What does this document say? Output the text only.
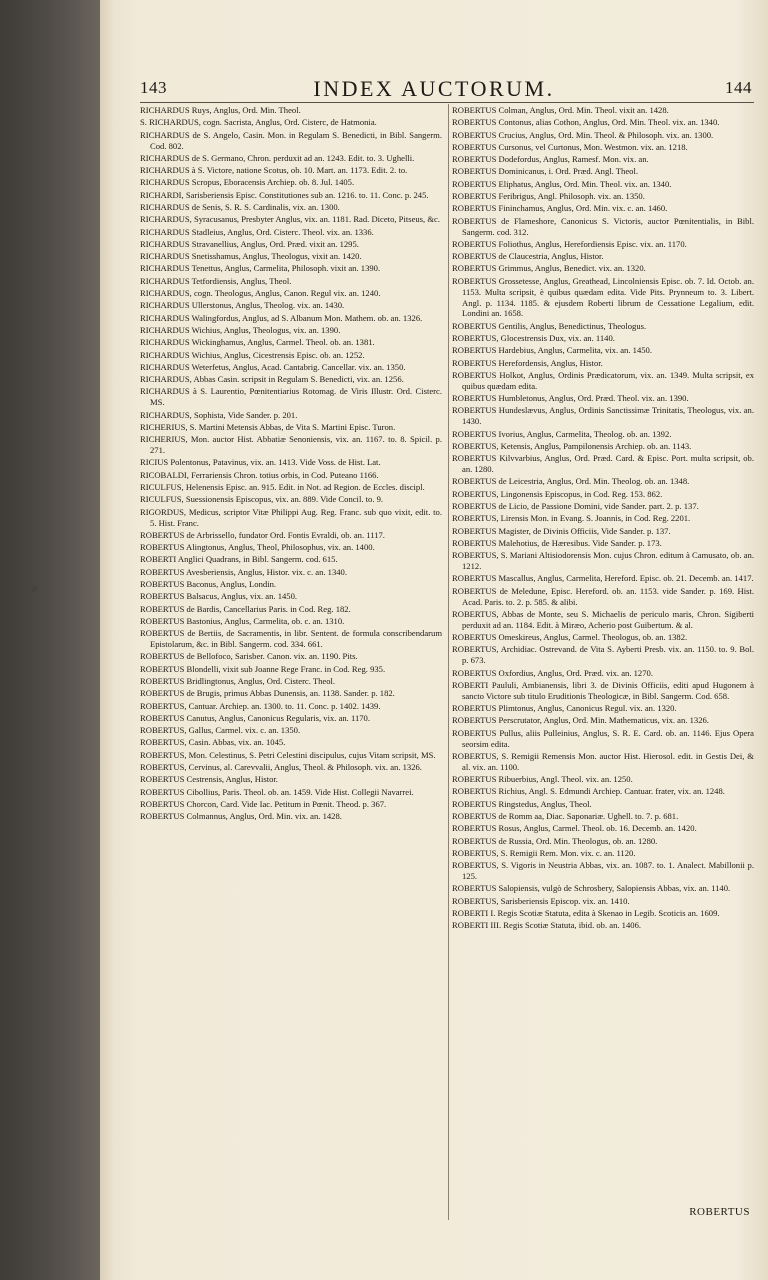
143	INDEX AUCTORUM.	144

RICHARDUS Ruys, Anglus, Ord. Min. Theol.

S. RICHARDUS, cogn. Sacrista, Anglus, Ord. Cisterc, de Hatmonia.

RICHARDUS de S. Angelo, Casin. Mon. in Regulam S. Benedicti, in Bibl. Sangerm. Cod. 802.

RICHARDUS de S. Germano, Chron. perduxit ad an. 1243. Edit. to. 3. Ughelli.

RICHARDUS à S. Victore, natione Scotus, ob. 10. Mart. an. 1173. Edit. 2. to.

RICHARDUS Scropus, Eboracensis Archiep. ob. 8. Jul. 1405.

RICHARDI, Sarisberiensis Episc. Constitutiones sub an. 1216. to. 11. Conc. p. 245.

RICHARDUS de Senis, S. R. S. Cardinalis, vix. an. 1300.

RICHARDUS, Syracusanus, Presbyter Anglus, vix. an. 1181. Rad. Diceto, Pitseus, &c.

RICHARDUS Stadleius, Anglus, Ord. Cisterc. Theol. vix. an. 1336.

RICHARDUS Stravanellius, Anglus, Ord. Præd. vixit an. 1295.

RICHARDUS Snetisshamus, Anglus, Theologus, vixit an. 1420.

RICHARDUS Tenettus, Anglus, Carmelita, Philosoph. vixit an. 1390.

RICHARDUS Tetfordiensis, Anglus, Theol.

RICHARDUS, cogn. Theologus, Anglus, Canon. Regul vix. an. 1240.

RICHARDUS Ullerstonus, Anglus, Theolog. vix. an. 1430.

RICHARDUS Walingfordus, Anglus, ad S. Albanum Mon. Mathem. ob. an. 1326.

RICHARDUS Wichius, Anglus, Theologus, vix. an. 1390.

RICHARDUS Wickinghamus, Anglus, Carmel. Theol. ob. an. 1381.

RICHARDUS Wichius, Anglus, Cicestrensis Episc. ob. an. 1252.

RICHARDUS Weterfetus, Anglus, Acad. Cantabrig. Cancellar. vix. an. 1350.

RICHARDUS, Abbas Casin. scripsit in Regulam S. Benedicti, vix. an. 1256.

RICHARDUS à S. Laurentio, Pœnitentiarius Rotomag. de Viris Illustr. Ord. Cisterc. MS.

RICHARDUS, Sophista, Vide Sander. p. 201.

RICHERIUS, S. Martini Metensis Abbas, de Vita S. Martini Episc. Turon.

RICHERIUS, Mon. auctor Hist. Abbatiæ Senoniensis, vix. an. 1167. to. 8. Spicil. p. 271.

RICIUS Polentonus, Patavinus, vix. an. 1413. Vide Voss. de Hist. Lat.

RICOBALDI, Ferrariensis Chron. totius orbis, in Cod. Puteano 1166.

RICULFUS, Helenensis Episc. an. 915. Edit. in Not. ad Region. de Eccles. discipl.

RICULFUS, Suessionensis Episcopus, vix. an. 889. Vide Concil. to. 9.

RIGORDUS, Medicus, scriptor Vitæ Philippi Aug. Reg. Franc. sub quo vixit, edit. to. 5. Hist. Franc.

ROBERTUS de Arbrissello, fundator Ord. Fontis Evraldi, ob. an. 1117.

ROBERTUS Alingtonus, Anglus, Theol, Philosophus, vix. an. 1400.

ROBERTI Anglici Quadrans, in Bibl. Sangerm. cod. 615.

ROBERTUS Avesberiensis, Anglus, Histor. vix. c. an. 1340.

ROBERTUS Baconus, Anglus, Londin.

ROBERTUS Balsacus, Anglus, vix. an. 1450.

ROBERTUS de Bardis, Cancellarius Paris. in Cod. Reg. 182.

ROBERTUS Bastonius, Anglus, Carmelita, ob. c. an. 1310.

ROBERTUS de Bertiis, de Sacramentis, in libr. Sentent. de formula conscribendarum Epistolarum, &c. in Bibl. Sangerm. cod. 334. 661.

ROBERTUS de Bellofoco, Sarisber. Canon. vix. an. 1190. Pits.

ROBERTUS Blondelli, vixit sub Joanne Rege Franc. in Cod. Reg. 935.

ROBERTUS Bridlingtonus, Anglus, Ord. Cisterc. Theol.

ROBERTUS de Brugis, primus Abbas Dunensis, an. 1138. Sander. p. 182.

ROBERTUS, Cantuar. Archiep. an. 1300. to. 11. Conc. p. 1402. 1439.

ROBERTUS Canutus, Anglus, Canonicus Regularis, vix. an. 1170.

ROBERTUS, Gallus, Carmel. vix. c. an. 1350.

ROBERTUS, Casin. Abbas, vix. an. 1045.

ROBERTUS, Mon. Celestinus, S. Petri Celestini discipulus, cujus Vitam scripsit, MS.

ROBERTUS, Cervinus, al. Carevvalii, Anglus, Theol. & Philosoph. vix. an. 1326.

ROBERTUS Cestrensis, Anglus, Histor.

ROBERTUS Cibollius, Paris. Theol. ob. an. 1459. Vide Hist. Collegii Navarrei.

ROBERTUS Chorcon, Card. Vide Iac. Petitum in Pœnit. Theod. p. 367.

ROBERTUS Colmannus, Anglus, Ord. Min. vix. an. 1428.

ROBERTUS Colman, Anglus, Ord. Min. Theol. vixit an. 1428.

ROBERTUS Contonus, alias Cothon, Anglus, Ord. Min. Theol. vix. an. 1340.

ROBERTUS Crucius, Anglus, Ord. Min. Theol. & Philosoph. vix. an. 1300.

ROBERTUS Cursonus, vel Curtonus, Mon. Westmon. vix. an. 1218.

ROBERTUS Dodefordus, Anglus, Ramesf. Mon. vix. an.

ROBERTUS Dominicanus, i. Ord. Præd. Angl. Theol.

ROBERTUS Eliphatus, Anglus, Ord. Min. Theol. vix. an. 1340.

ROBERTUS Feribrigus, Angl. Philosoph. vix. an. 1350.

ROBERTUS Fininchamus, Anglus, Ord. Min. vix. c. an. 1460.

ROBERTUS de Flameshore, Canonicus S. Victoris, auctor Pœnitentialis, in Bibl. Sangerm. cod. 312.

ROBERTUS Foliothus, Anglus, Herefordiensis Episc. vix. an. 1170.

ROBERTUS de Claucestria, Anglus, Histor.

ROBERTUS Grimmus, Anglus, Benedict. vix. an. 1320.

ROBERTUS Grossetesse, Anglus, Greathead, Lincolniensis Episc. ob. 7. Id. Octob. an. 1153. Multa scripsit, è quibus quædam edita. Vide Pits. Prynneum to. 3. Libert. Angl. p. 1134. 1185. & ejusdem Roberti librum de Cessatione Legalium, edit. Londini an. 1658.

ROBERTUS Gentilis, Anglus, Benedictinus, Theologus.

ROBERTUS, Glocestrensis Dux, vix. an. 1140.

ROBERTUS Hardebius, Anglus, Carmelita, vix. an. 1450.

ROBERTUS Herefordensis, Anglus, Histor.

ROBERTUS Holkot, Anglus, Ordinis Prædicatorum, vix. an. 1349. Multa scripsit, ex quibus quædam edita.

ROBERTUS Humbletonus, Anglus, Ord. Præd. Theol. vix. an. 1390.

ROBERTUS Hundeslævus, Anglus, Ordinis Sanctissimæ Trinitatis, Theologus, vix. an. 1430.

ROBERTUS Ivorius, Anglus, Carmelita, Theolog. ob. an. 1392.

ROBERTUS, Ketensis, Anglus, Pampilonensis Archiep. ob. an. 1143.

ROBERTUS Kilvvarbius, Anglus, Ord. Præd. Card. & Episc. Port. multa scripsit, ob. an. 1280.

ROBERTUS de Leicestria, Anglus, Ord. Min. Theolog. ob. an. 1348.

ROBERTUS, Lingonensis Episcopus, in Cod. Reg. 153. 862.

ROBERTUS de Licio, de Passione Domini, vide Sander. part. 2. p. 137.

ROBERTUS, Lirensis Mon. in Evang. S. Joannis, in Cod. Reg. 2201.

ROBERTUS Magister, de Divinis Officiis, Vide Sander. p. 137.

ROBERTUS Malehotius, de Hæresibus. Vide Sander. p. 173.

ROBERTUS, S. Mariani Altisiodorensis Mon. cujus Chron. editum à Camusato, ob. an. 1212.

ROBERTUS Mascallus, Anglus, Carmelita, Hereford. Episc. ob. 21. Decemb. an. 1417.

ROBERTUS de Meledune, Episc. Hereford. ob. an. 1153. vide Sander. p. 169. Hist. Acad. Paris. to. 2. p. 585. & alibi.

ROBERTUS, Abbas de Monte, seu S. Michaelis de periculo maris, Chron. Sigiberti perduxit ad an. 1184. Edit. à Miræo, Acherio post Guibertum. & al.

ROBERTUS Omeskireus, Anglus, Carmel. Theologus, ob. an. 1382.

ROBERTUS, Archidiac. Ostrevand. de Vita S. Ayberti Presb. vix. an. 1150. to. 9. Bol. p. 673.

ROBERTUS Oxfordius, Anglus, Ord. Præd. vix. an. 1270.

ROBERTI Paululi, Ambianensis, libri 3. de Divinis Officiis, editi apud Hugonem à sancto Victore sub titulo Eruditionis Theologicæ, in Bibl. Sangerm. Cod. 658.

ROBERTUS Plimtonus, Anglus, Canonicus Regul. vix. an. 1320.

ROBERTUS Perscrutator, Anglus, Ord. Min. Mathematicus, vix. an. 1326.

ROBERTUS Pullus, aliis Pulleinius, Anglus, S. R. E. Card. ob. an. 1146. Ejus Opera seorsim edita.

ROBERTUS, S. Remigii Remensis Mon. auctor Hist. Hierosol. edit. in Gestis Dei, & al. vix. an. 1100.

ROBERTUS Ribuerbius, Angl. Theol. vix. an. 1250.

ROBERTUS Richius, Angl. S. Edmundi Archiep. Cantuar. frater, vix. an. 1248.

ROBERTUS Ringstedus, Anglus, Theol.

ROBERTUS de Romm aa, Diac. Saponariæ. Ughell. to. 7. p. 681.

ROBERTUS Rosus, Anglus, Carmel. Theol. ob. 16. Decemb. an. 1420.

ROBERTUS de Russia, Ord. Min. Theologus, ob. an. 1280.

ROBERTUS, S. Remigii Rem. Mon. vix. c. an. 1120.

ROBERTUS, S. Vigoris in Neustria Abbas, vix. an. 1087. to. 1. Analect. Mabillonii p. 125.

ROBERTUS Salopiensis, vulgò de Schrosbery, Salopiensis Abbas, vix. an. 1140.

ROBERTUS, Sarisberiensis Episcop. vix. an. 1410.

ROBERTI I. Regis Scotiæ Statuta, edita à Skenao in Legib. Scoticis an. 1609.

ROBERTI III. Regis Scotiæ Statuta, ibid. ob. an. 1406.

ROBERTUS
//
